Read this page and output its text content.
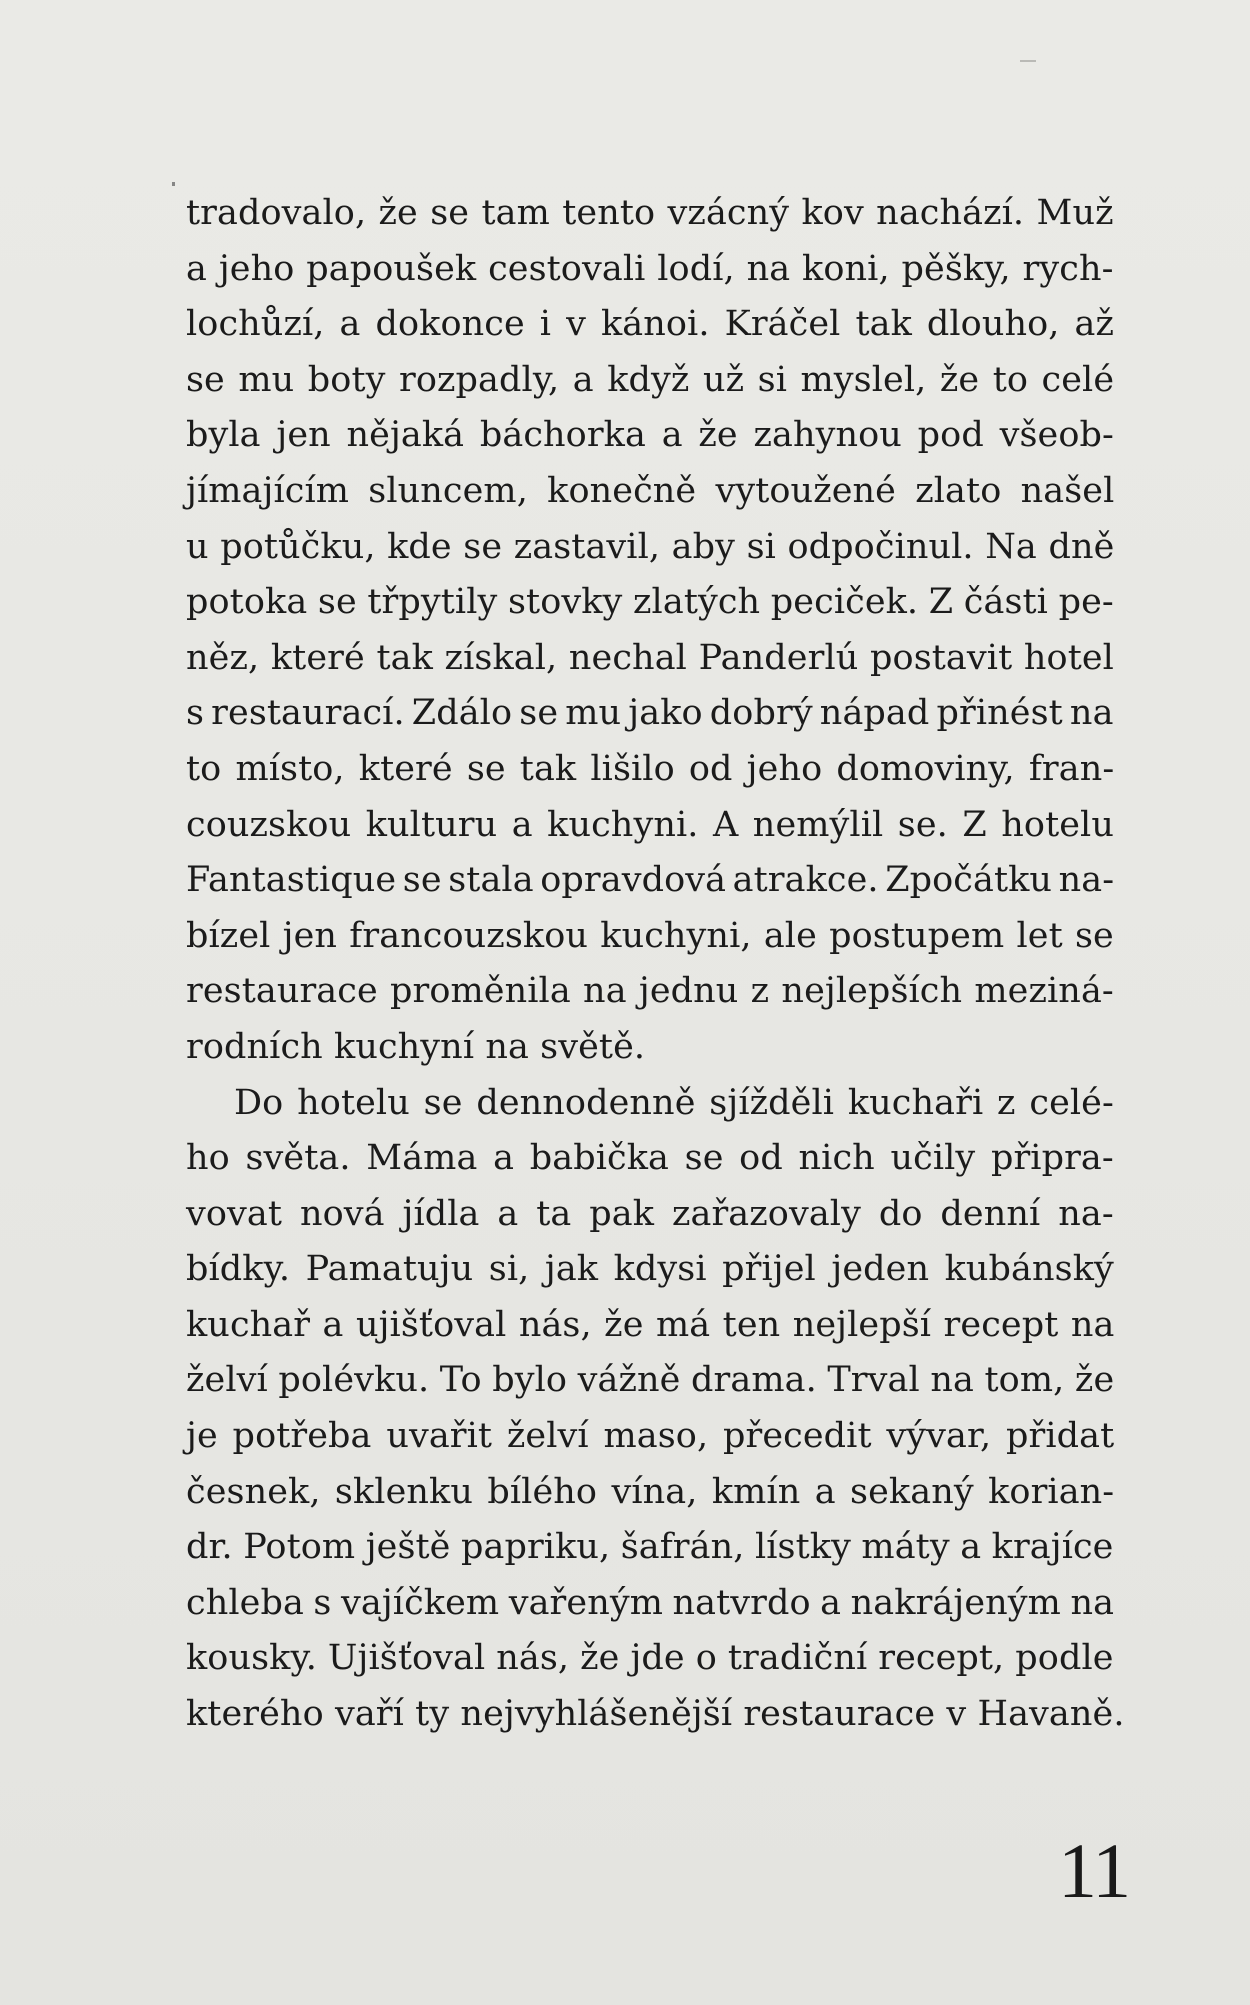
tradovalo, že se tam tento vzácný kov nachází. Muž
a jeho papoušek cestovali lodí, na koni, pěšky, rych-
lochůzí, a dokonce i v kánoi. Kráčel tak dlouho, až
se mu boty rozpadly, a když už si myslel, že to celé
byla jen nějaká báchorka a že zahynou pod všeob-
jímajícím sluncem, konečně vytoužené zlato našel
u potůčku, kde se zastavil, aby si odpočinul. Na dně
potoka se třpytily stovky zlatých peciček. Z části pe-
něz, které tak získal, nechal Panderlú postavit hotel
s restaurací. Zdálo se mu jako dobrý nápad přinést na
to místo, které se tak lišilo od jeho domoviny, fran-
couzskou kulturu a kuchyni. A nemýlil se. Z hotelu
Fantastique se stala opravdová atrakce. Zpočátku na-
bízel jen francouzskou kuchyni, ale postupem let se
restaurace proměnila na jednu z nejlepších meziná-
rodních kuchyní na světě.
Do hotelu se dennodenně sjížděli kuchaři z celé-
ho světa. Máma a babička se od nich učily připra-
vovat nová jídla a ta pak zařazovaly do denní na-
bídky. Pamatuju si, jak kdysi přijel jeden kubánský
kuchař a ujišťoval nás, že má ten nejlepší recept na
želví polévku. To bylo vážně drama. Trval na tom, že
je potřeba uvařit želví maso, přecedit vývar, přidat
česnek, sklenku bílého vína, kmín a sekaný korian-
dr. Potom ještě papriku, šafrán, lístky máty a krajíce
chleba s vajíčkem vařeným natvrdo a nakrájeným na
kousky. Ujišťoval nás, že jde o tradiční recept, podle
kterého vaří ty nejvyhlášenější restaurace v Havaně.
11
